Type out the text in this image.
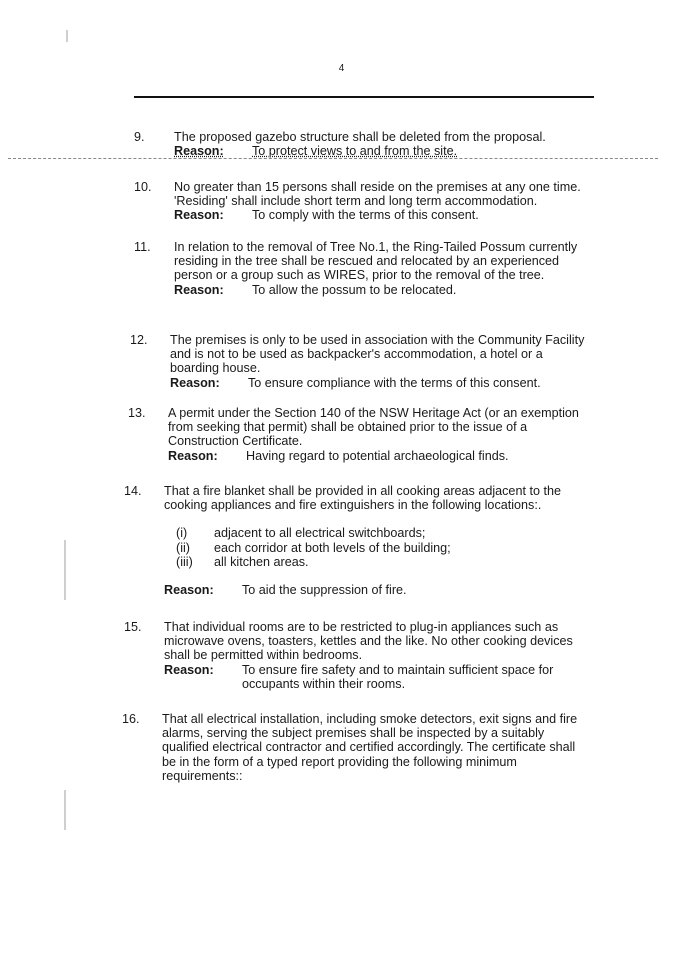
4
9. The proposed gazebo structure shall be deleted from the proposal.
Reason:	To protect views to and from the site.
10. No greater than 15 persons shall reside on the premises at any one time. 'Residing' shall include short term and long term accommodation.
Reason:	To comply with the terms of this consent.
11. In relation to the removal of Tree No.1, the Ring-Tailed Possum currently residing in the tree shall be rescued and relocated by an experienced person or a group such as WIRES, prior to the removal of the tree.
Reason:	To allow the possum to be relocated.
12. The premises is only to be used in association with the Community Facility and is not to be used as backpacker's accommodation, a hotel or a boarding house.
Reason:	To ensure compliance with the terms of this consent.
13. A permit under the Section 140 of the NSW Heritage Act (or an exemption from seeking that permit) shall be obtained prior to the issue of a Construction Certificate.
Reason:	Having regard to potential archaeological finds.
14. That a fire blanket shall be provided in all cooking areas adjacent to the cooking appliances and fire extinguishers in the following locations:.
(i)	adjacent to all electrical switchboards;
(ii)	each corridor at both levels of the building;
(iii)	all kitchen areas.
Reason:	To aid the suppression of fire.
15. That individual rooms are to be restricted to plug-in appliances such as microwave ovens, toasters, kettles and the like. No other cooking devices shall be permitted within bedrooms.
Reason:	To ensure fire safety and to maintain sufficient space for occupants within their rooms.
16. That all electrical installation, including smoke detectors, exit signs and fire alarms, serving the subject premises shall be inspected by a suitably qualified electrical contractor and certified accordingly. The certificate shall be in the form of a typed report providing the following minimum requirements::
